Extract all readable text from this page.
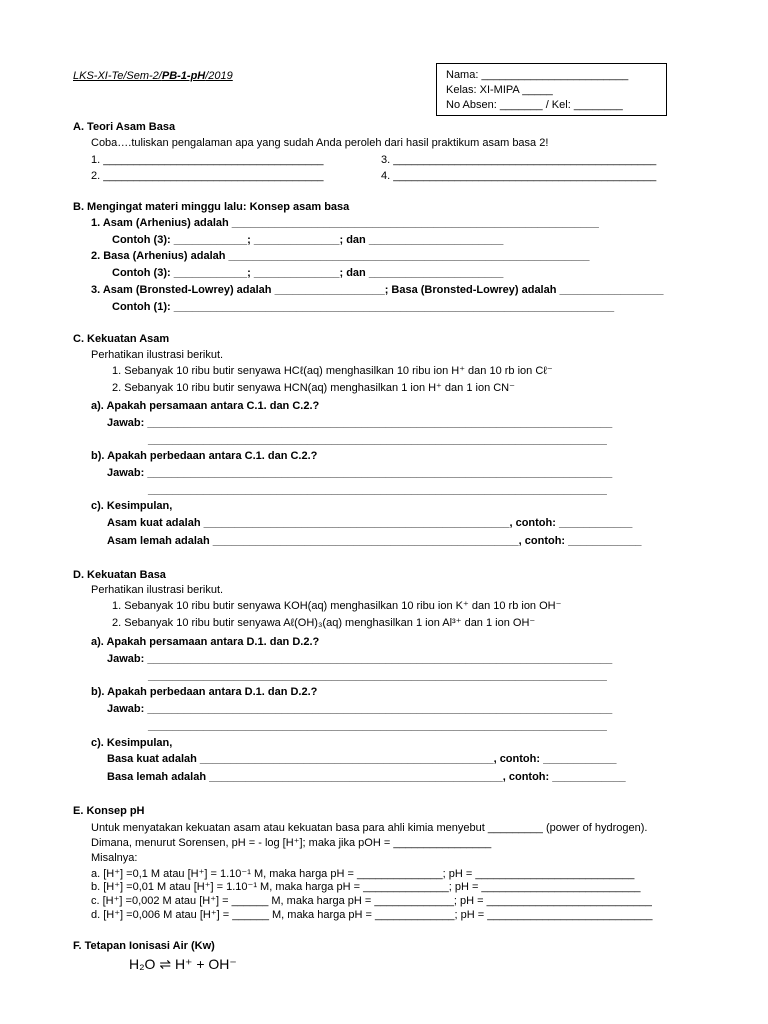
LKS-XI-Te/Sem-2/PB-1-pH/2019	Nama: ________________________
Kelas: XI-MIPA _____
No Absen: _______ / Kel: ________
A. Teori Asam Basa
Coba….tuliskan pengalaman apa yang sudah Anda peroleh dari hasil praktikum asam basa 2!
1. ____________________________________	3. ___________________________________________
2. ____________________________________	4. ___________________________________________
B. Mengingat materi minggu lalu: Konsep asam basa
1. Asam (Arhenius) adalah ____________________________________________________________
Contoh (3): ____________; ______________; dan ______________________
2. Basa (Arhenius) adalah ___________________________________________________________
Contoh (3): ____________; ______________; dan ______________________
3. Asam (Bronsted-Lowrey) adalah __________________; Basa (Bronsted-Lowrey) adalah _________________
Contoh (1): ________________________________________________________________________
C. Kekuatan Asam
Perhatikan ilustrasi berikut.
1. Sebanyak 10 ribu butir senyawa HCℓ(aq) menghasilkan 10 ribu ion H⁺ dan 10 rb ion Cℓ⁻
2. Sebanyak 10 ribu butir senyawa HCN(aq) menghasilkan 1 ion H⁺ dan 1 ion CN⁻
a). Apakah persamaan antara C.1. dan C.2.?
Jawab: ____________________________________________________________________________
___________________________________________________________________________
b). Apakah perbedaan antara C.1. dan C.2.?
Jawab: ____________________________________________________________________________
___________________________________________________________________________
c). Kesimpulan,
Asam kuat adalah __________________________________________________, contoh: ____________
Asam lemah adalah __________________________________________________, contoh: ____________
D. Kekuatan Basa
Perhatikan ilustrasi berikut.
1. Sebanyak 10 ribu butir senyawa KOH(aq) menghasilkan 10 ribu ion K⁺ dan 10 rb ion OH⁻
2. Sebanyak 10 ribu butir senyawa Aℓ(OH)₃(aq) menghasilkan 1 ion Al³⁺ dan 1 ion OH⁻
a). Apakah persamaan antara D.1. dan D.2.?
Jawab: ____________________________________________________________________________
___________________________________________________________________________
b). Apakah perbedaan antara D.1. dan D.2.?
Jawab: ____________________________________________________________________________
___________________________________________________________________________
c). Kesimpulan,
Basa kuat adalah ________________________________________________, contoh: ____________
Basa lemah adalah ________________________________________________, contoh: ____________
E. Konsep pH
Untuk menyatakan kekuatan asam atau kekuatan basa para ahli kimia menyebut _________ (power of hydrogen).
Dimana, menurut Sorensen, pH = - log [H⁺]; maka jika pOH = ________________
Misalnya:
a. [H⁺] =0,1 M atau [H⁺] = 1.10⁻¹ M, maka harga pH = ______________; pH = __________________________
b. [H⁺] =0,01 M atau [H⁺] = 1.10⁻¹ M, maka harga pH = ______________; pH = __________________________
c. [H⁺] =0,002 M atau [H⁺] = ______ M, maka harga pH = _____________; pH = ___________________________
d. [H⁺] =0,006 M atau [H⁺] = ______ M, maka harga pH = _____________; pH = ___________________________
F. Tetapan Ionisasi Air (Kw)
H₂O ⇌ H⁺ + OH⁻
